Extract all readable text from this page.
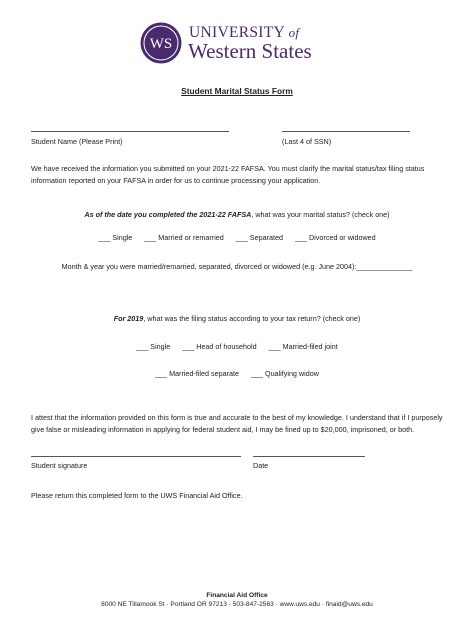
WS
UNIVERSITY of
Western States
Student Marital Status Form
Student Name (Please Print)	(Last 4 of SSN)
We have received the information you submitted on your 2021-22 FAFSA. You must clarify the marital status/tax filing status information reported on your FAFSA in order for us to continue processing your application.
As of the date you completed the 2021-22 FAFSA, what was your marital status? (check one)
___ Single ___ Married or remarried ___ Separated ___ Divorced or widowed
Month & year you were married/remarried, separated, divorced or widowed (e.g. June 2004):______________
For 2019, what was the filing status according to your tax return? (check one)
___ Single ___ Head of household ___ Married-filed joint
___ Married-filed separate ___ Qualifying widow
I attest that the information provided on this form is true and accurate to the best of my knowledge. I understand that if I purposely give false or misleading information in applying for federal student aid, I may be fined up to $20,000, imprisoned, or both.
Student signature	Date
Please return this completed form to the UWS Financial Aid Office.
Financial Aid Office
8000 NE Tillamook St · Portland OR 97213 · 503-847-2563 · www.uws.edu · finaid@uws.edu
